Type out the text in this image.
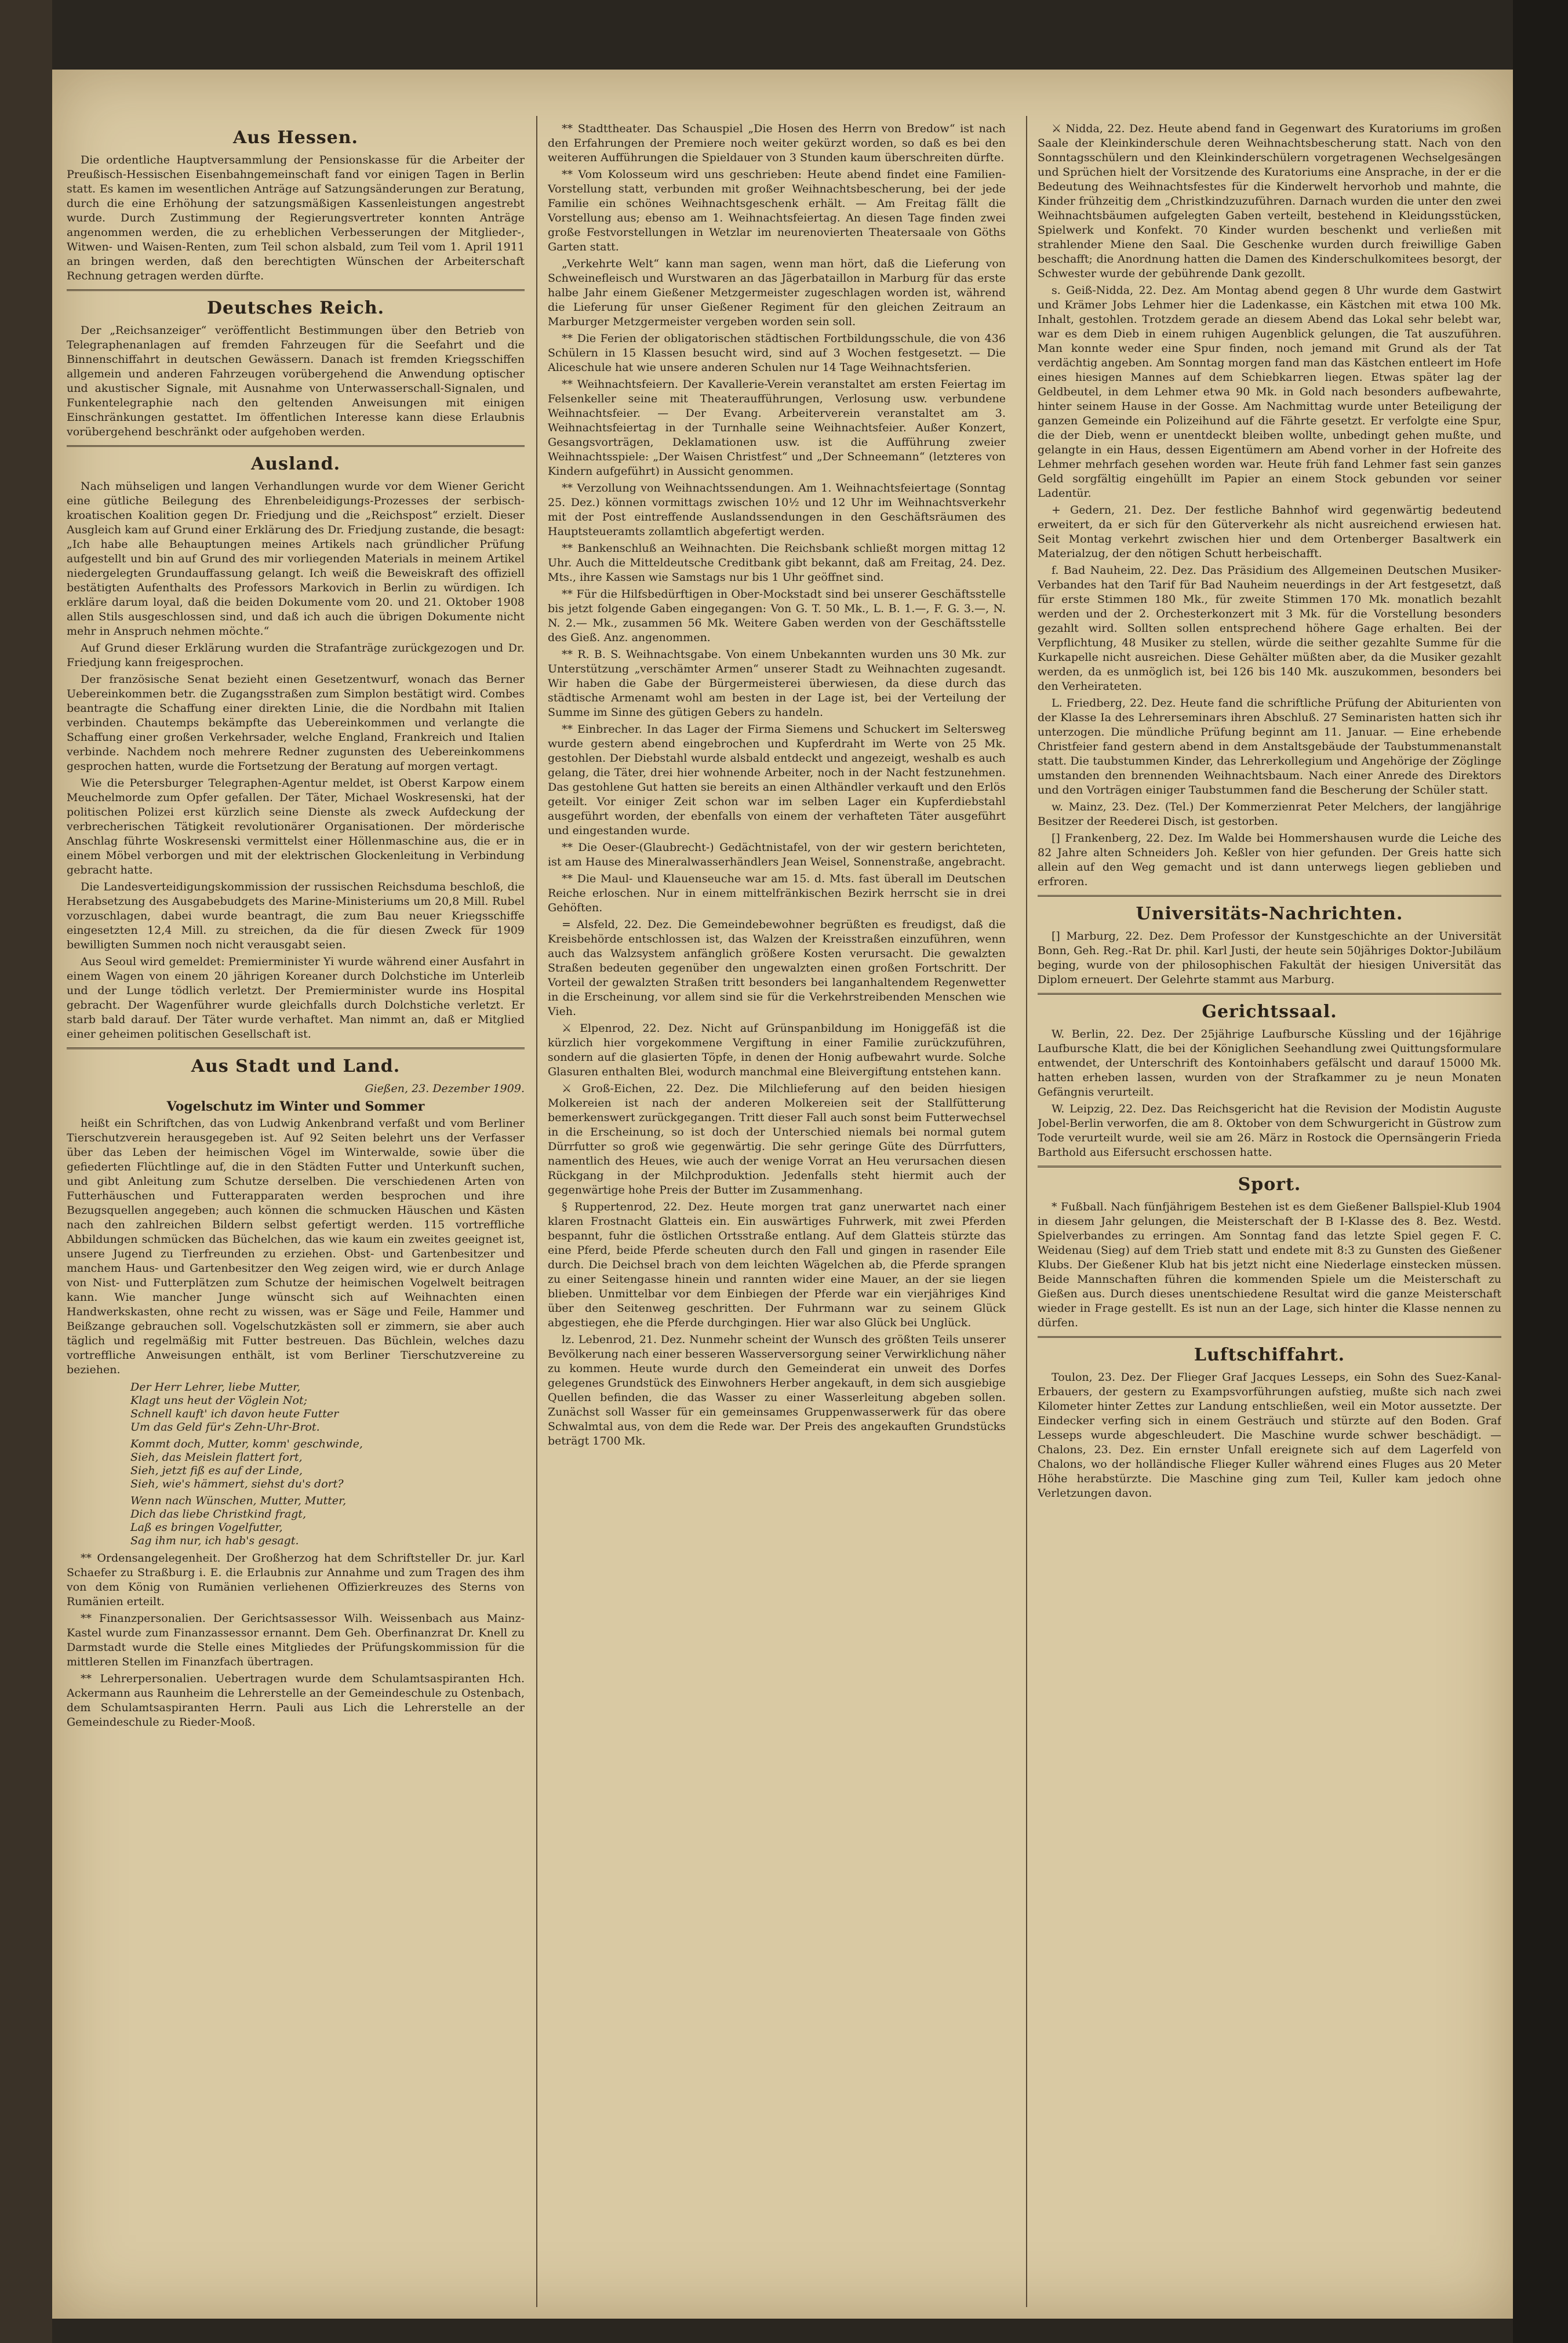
Aus Hessen.

Die ordentliche Hauptversammlung der Pensionskasse für die Arbeiter der Preußisch-Hessischen Eisenbahngemeinschaft fand vor einigen Tagen in Berlin statt. Es kamen im wesentlichen Anträge auf Satzungsänderungen zur Beratung, durch die eine Erhöhung der satzungsmäßigen Kassenleistungen angestrebt wurde. Durch Zustimmung der Regierungsvertreter konnten Anträge angenommen werden, die zu erheblichen Verbesserungen der Mitglieder-, Witwen- und Waisen-Renten, zum Teil schon alsbald, zum Teil vom 1. April 1911 an bringen werden, daß den berechtigten Wünschen der Arbeiterschaft Rechnung getragen werden dürfte.

Deutsches Reich.

Der „Reichsanzeiger“ veröffentlicht Bestimmungen über den Betrieb von Telegraphenanlagen auf fremden Fahrzeugen für die Seefahrt und die Binnenschiffahrt in deutschen Gewässern. Danach ist fremden Kriegsschiffen allgemein und anderen Fahrzeugen vorübergehend die Anwendung optischer und akustischer Signale, mit Ausnahme von Unterwasserschall-Signalen, und Funkentelegraphie nach den geltenden Anweisungen mit einigen Einschränkungen gestattet. Im öffentlichen Interesse kann diese Erlaubnis vorübergehend beschränkt oder aufgehoben werden.

Ausland.

Nach mühseligen und langen Verhandlungen wurde vor dem Wiener Gericht eine gütliche Beilegung des Ehrenbeleidigungs-Prozesses der serbisch-kroatischen Koalition gegen Dr. Friedjung und die „Reichspost“ erzielt. Dieser Ausgleich kam auf Grund einer Erklärung des Dr. Friedjung zustande, die besagt: „Ich habe alle Behauptungen meines Artikels nach gründlicher Prüfung aufgestellt und bin auf Grund des mir vorliegenden Materials in meinem Artikel niedergelegten Grundauffassung gelangt. Ich weiß die Beweiskraft des offiziell bestätigten Aufenthalts des Professors Markovich in Berlin zu würdigen. Ich erkläre darum loyal, daß die beiden Dokumente vom 20. und 21. Oktober 1908 allen Stils ausgeschlossen sind, und daß ich auch die übrigen Dokumente nicht mehr in Anspruch nehmen möchte.“

Auf Grund dieser Erklärung wurden die Strafanträge zurückgezogen und Dr. Friedjung kann freigesprochen.

Der französische Senat bezieht einen Gesetzentwurf, wonach das Berner Uebereinkommen betr. die Zugangsstraßen zum Simplon bestätigt wird. Combes beantragte die Schaffung einer direkten Linie, die die Nordbahn mit Italien verbinden. Chautemps bekämpfte das Uebereinkommen und verlangte die Schaffung einer großen Verkehrsader, welche England, Frankreich und Italien verbinde. Nachdem noch mehrere Redner zugunsten des Uebereinkommens gesprochen hatten, wurde die Fortsetzung der Beratung auf morgen vertagt.

Wie die Petersburger Telegraphen-Agentur meldet, ist Oberst Karpow einem Meuchelmorde zum Opfer gefallen. Der Täter, Michael Woskresenski, hat der politischen Polizei erst kürzlich seine Dienste als zweck Aufdeckung der verbrecherischen Tätigkeit revolutionärer Organisationen. Der mörderische Anschlag führte Woskresenski vermittelst einer Höllenmaschine aus, die er in einem Möbel verborgen und mit der elektrischen Glockenleitung in Verbindung gebracht hatte.

Die Landesverteidigungskommission der russischen Reichsduma beschloß, die Herabsetzung des Ausgabebudgets des Marine-Ministeriums um 20,8 Mill. Rubel vorzuschlagen, dabei wurde beantragt, die zum Bau neuer Kriegsschiffe eingesetzten 12,4 Mill. zu streichen, da die für diesen Zweck für 1909 bewilligten Summen noch nicht verausgabt seien.

Aus Seoul wird gemeldet: Premierminister Yi wurde während einer Ausfahrt in einem Wagen von einem 20 jährigen Koreaner durch Dolchstiche im Unterleib und der Lunge tödlich verletzt. Der Premierminister wurde ins Hospital gebracht. Der Wagenführer wurde gleichfalls durch Dolchstiche verletzt. Er starb bald darauf. Der Täter wurde verhaftet. Man nimmt an, daß er Mitglied einer geheimen politischen Gesellschaft ist.

Aus Stadt und Land.
Gießen, 23. Dezember 1909.
Vogelschutz im Winter und Sommer

heißt ein Schriftchen, das von Ludwig Ankenbrand verfaßt und vom Berliner Tierschutzverein herausgegeben ist. Auf 92 Seiten belehrt uns der Verfasser über das Leben der heimischen Vögel im Winterwalde, sowie über die gefiederten Flüchtlinge auf, die in den Städten Futter und Unterkunft suchen, und gibt Anleitung zum Schutze derselben. Die verschiedenen Arten von Futterhäuschen und Futterapparaten werden besprochen und ihre Bezugsquellen angegeben; auch können die schmucken Häuschen und Kästen nach den zahlreichen Bildern selbst gefertigt werden. 115 vortreffliche Abbildungen schmücken das Büchelchen, das wie kaum ein zweites geeignet ist, unsere Jugend zu Tierfreunden zu erziehen. Obst- und Gartenbesitzer und manchem Haus- und Gartenbesitzer den Weg zeigen wird, wie er durch Anlage von Nist- und Futterplätzen zum Schutze der heimischen Vogelwelt beitragen kann. Wie mancher Junge wünscht sich auf Weihnachten einen Handwerkskasten, ohne recht zu wissen, was er Säge und Feile, Hammer und Beißzange gebrauchen soll. Vogelschutzkästen soll er zimmern, sie aber auch täglich und regelmäßig mit Futter bestreuen. Das Büchlein, welches dazu vortreffliche Anweisungen enthält, ist vom Berliner Tierschutzvereine zu beziehen.

Der Herr Lehrer, liebe Mutter,
Klagt uns heut der Vöglein Not;
Schnell kauft' ich davon heute Futter
Um das Geld für's Zehn-Uhr-Brot.
Kommt doch, Mutter, komm' geschwinde,
Sieh, das Meislein flattert fort,
Sieh, jetzt fiß es auf der Linde,
Sieh, wie's hämmert, siehst du's dort?
Wenn nach Wünschen, Mutter, Mutter,
Dich das liebe Christkind fragt,
Laß es bringen Vogelfutter,
Sag ihm nur, ich hab's gesagt.

** Ordensangelegenheit. Der Großherzog hat dem Schriftsteller Dr. jur. Karl Schaefer zu Straßburg i. E. die Erlaubnis zur Annahme und zum Tragen des ihm von dem König von Rumänien verliehenen Offizierkreuzes des Sterns von Rumänien erteilt.

** Finanzpersonalien. Der Gerichtsassessor Wilh. Weissenbach aus Mainz-Kastel wurde zum Finanzassessor ernannt. Dem Geh. Oberfinanzrat Dr. Knell zu Darmstadt wurde die Stelle eines Mitgliedes der Prüfungskommission für die mittleren Stellen im Finanzfach übertragen.

** Lehrerpersonalien. Uebertragen wurde dem Schulamtsaspiranten Hch. Ackermann aus Raunheim die Lehrerstelle an der Gemeindeschule zu Ostenbach, dem Schulamtsaspiranten Herrn. Pauli aus Lich die Lehrerstelle an der Gemeindeschule zu Rieder-Mooß.

** Stadttheater. Das Schauspiel „Die Hosen des Herrn von Bredow“ ist nach den Erfahrungen der Premiere noch weiter gekürzt worden, so daß es bei den weiteren Aufführungen die Spieldauer von 3 Stunden kaum überschreiten dürfte.

** Vom Kolosseum wird uns geschrieben: Heute abend findet eine Familien-Vorstellung statt, verbunden mit großer Weihnachtsbescherung, bei der jede Familie ein schönes Weihnachtsgeschenk erhält. — Am Freitag fällt die Vorstellung aus; ebenso am 1. Weihnachtsfeiertag. An diesen Tage finden zwei große Festvorstellungen in Wetzlar im neurenovierten Theatersaale von Göths Garten statt.

„Verkehrte Welt“ kann man sagen, wenn man hört, daß die Lieferung von Schweinefleisch und Wurstwaren an das Jägerbataillon in Marburg für das erste halbe Jahr einem Gießener Metzgermeister zugeschlagen worden ist, während die Lieferung für unser Gießener Regiment für den gleichen Zeitraum an Marburger Metzgermeister vergeben worden sein soll.

** Die Ferien der obligatorischen städtischen Fortbildungsschule, die von 436 Schülern in 15 Klassen besucht wird, sind auf 3 Wochen festgesetzt. — Die Aliceschule hat wie unsere anderen Schulen nur 14 Tage Weihnachtsferien.

** Weihnachtsfeiern. Der Kavallerie-Verein veranstaltet am ersten Feiertag im Felsenkeller seine mit Theateraufführungen, Verlosung usw. verbundene Weihnachtsfeier. — Der Evang. Arbeiterverein veranstaltet am 3. Weihnachtsfeiertag in der Turnhalle seine Weihnachtsfeier. Außer Konzert, Gesangsvorträgen, Deklamationen usw. ist die Aufführung zweier Weihnachtsspiele: „Der Waisen Christfest“ und „Der Schneemann“ (letzteres von Kindern aufgeführt) in Aussicht genommen.

** Verzollung von Weihnachtssendungen. Am 1. Weihnachtsfeiertage (Sonntag 25. Dez.) können vormittags zwischen 10½ und 12 Uhr im Weihnachtsverkehr mit der Post eintreffende Auslandssendungen in den Geschäftsräumen des Hauptsteueramts zollamtlich abgefertigt werden.

** Bankenschluß an Weihnachten. Die Reichsbank schließt morgen mittag 12 Uhr. Auch die Mitteldeutsche Creditbank gibt bekannt, daß am Freitag, 24. Dez. Mts., ihre Kassen wie Samstags nur bis 1 Uhr geöffnet sind.

** Für die Hilfsbedürftigen in Ober-Mockstadt sind bei unserer Geschäftsstelle bis jetzt folgende Gaben eingegangen: Von G. T. 50 Mk., L. B. 1.—, F. G. 3.—, N. N. 2.— Mk., zusammen 56 Mk. Weitere Gaben werden von der Geschäftsstelle des Gieß. Anz. angenommen.

** R. B. S. Weihnachtsgabe. Von einem Unbekannten wurden uns 30 Mk. zur Unterstützung „verschämter Armen“ unserer Stadt zu Weihnachten zugesandt. Wir haben die Gabe der Bürgermeisterei überwiesen, da diese durch das städtische Armenamt wohl am besten in der Lage ist, bei der Verteilung der Summe im Sinne des gütigen Gebers zu handeln.

** Einbrecher. In das Lager der Firma Siemens und Schuckert im Seltersweg wurde gestern abend eingebrochen und Kupferdraht im Werte von 25 Mk. gestohlen. Der Diebstahl wurde alsbald entdeckt und angezeigt, weshalb es auch gelang, die Täter, drei hier wohnende Arbeiter, noch in der Nacht festzunehmen. Das gestohlene Gut hatten sie bereits an einen Althändler verkauft und den Erlös geteilt. Vor einiger Zeit schon war im selben Lager ein Kupferdiebstahl ausgeführt worden, der ebenfalls von einem der verhafteten Täter ausgeführt und eingestanden wurde.

** Die Oeser-(Glaubrecht-) Gedächtnistafel, von der wir gestern berichteten, ist am Hause des Mineralwasserhändlers Jean Weisel, Sonnenstraße, angebracht.

** Die Maul- und Klauenseuche war am 15. d. Mts. fast überall im Deutschen Reiche erloschen. Nur in einem mittelfränkischen Bezirk herrscht sie in drei Gehöften.

= Alsfeld, 22. Dez. Die Gemeindebewohner begrüßten es freudigst, daß die Kreisbehörde entschlossen ist, das Walzen der Kreisstraßen einzuführen, wenn auch das Walzsystem anfänglich größere Kosten verursacht. Die gewalzten Straßen bedeuten gegenüber den ungewalzten einen großen Fortschritt. Der Vorteil der gewalzten Straßen tritt besonders bei langanhaltendem Regenwetter in die Erscheinung, vor allem sind sie für die Verkehrstreibenden Menschen wie Vieh.

⚔ Elpenrod, 22. Dez. Nicht auf Grünspanbildung im Honiggefäß ist die kürzlich hier vorgekommene Vergiftung in einer Familie zurückzuführen, sondern auf die glasierten Töpfe, in denen der Honig aufbewahrt wurde. Solche Glasuren enthalten Blei, wodurch manchmal eine Bleivergiftung entstehen kann.

⚔ Groß-Eichen, 22. Dez. Die Milchlieferung auf den beiden hiesigen Molkereien ist nach der anderen Molkereien seit der Stallfütterung bemerkenswert zurückgegangen. Tritt dieser Fall auch sonst beim Futterwechsel in die Erscheinung, so ist doch der Unterschied niemals bei normal gutem Dürrfutter so groß wie gegenwärtig. Die sehr geringe Güte des Dürrfutters, namentlich des Heues, wie auch der wenige Vorrat an Heu verursachen diesen Rückgang in der Milchproduktion. Jedenfalls steht hiermit auch der gegenwärtige hohe Preis der Butter im Zusammenhang.

§ Ruppertenrod, 22. Dez. Heute morgen trat ganz unerwartet nach einer klaren Frostnacht Glatteis ein. Ein auswärtiges Fuhrwerk, mit zwei Pferden bespannt, fuhr die östlichen Ortsstraße entlang. Auf dem Glatteis stürzte das eine Pferd, beide Pferde scheuten durch den Fall und gingen in rasender Eile durch. Die Deichsel brach von dem leichten Wägelchen ab, die Pferde sprangen zu einer Seitengasse hinein und rannten wider eine Mauer, an der sie liegen blieben. Unmittelbar vor dem Einbiegen der Pferde war ein vierjähriges Kind über den Seitenweg geschritten. Der Fuhrmann war zu seinem Glück abgestiegen, ehe die Pferde durchgingen. Hier war also Glück bei Unglück.

lz. Lebenrod, 21. Dez. Nunmehr scheint der Wunsch des größten Teils unserer Bevölkerung nach einer besseren Wasserversorgung seiner Verwirklichung näher zu kommen. Heute wurde durch den Gemeinderat ein unweit des Dorfes gelegenes Grundstück des Einwohners Herber angekauft, in dem sich ausgiebige Quellen befinden, die das Wasser zu einer Wasserleitung abgeben sollen. Zunächst soll Wasser für ein gemeinsames Gruppenwasserwerk für das obere Schwalmtal aus, von dem die Rede war. Der Preis des angekauften Grundstücks beträgt 1700 Mk.

⚔ Nidda, 22. Dez. Heute abend fand in Gegenwart des Kuratoriums im großen Saale der Kleinkinderschule deren Weihnachtsbescherung statt. Nach von den Sonntagsschülern und den Kleinkinderschülern vorgetragenen Wechselgesängen und Sprüchen hielt der Vorsitzende des Kuratoriums eine Ansprache, in der er die Bedeutung des Weihnachtsfestes für die Kinderwelt hervorhob und mahnte, die Kinder frühzeitig dem „Christkindzuzuführen. Darnach wurden die unter den zwei Weihnachtsbäumen aufgelegten Gaben verteilt, bestehend in Kleidungsstücken, Spielwerk und Konfekt. 70 Kinder wurden beschenkt und verließen mit strahlender Miene den Saal. Die Geschenke wurden durch freiwillige Gaben beschafft; die Anordnung hatten die Damen des Kinderschulkomitees besorgt, der Schwester wurde der gebührende Dank gezollt.

s. Geiß-Nidda, 22. Dez. Am Montag abend gegen 8 Uhr wurde dem Gastwirt und Krämer Jobs Lehmer hier die Ladenkasse, ein Kästchen mit etwa 100 Mk. Inhalt, gestohlen. Trotzdem gerade an diesem Abend das Lokal sehr belebt war, war es dem Dieb in einem ruhigen Augenblick gelungen, die Tat auszuführen. Man konnte weder eine Spur finden, noch jemand mit Grund als der Tat verdächtig angeben. Am Sonntag morgen fand man das Kästchen entleert im Hofe eines hiesigen Mannes auf dem Schiebkarren liegen. Etwas später lag der Geldbeutel, in dem Lehmer etwa 90 Mk. in Gold nach besonders aufbewahrte, hinter seinem Hause in der Gosse. Am Nachmittag wurde unter Beteiligung der ganzen Gemeinde ein Polizeihund auf die Fährte gesetzt. Er verfolgte eine Spur, die der Dieb, wenn er unentdeckt bleiben wollte, unbedingt gehen mußte, und gelangte in ein Haus, dessen Eigentümern am Abend vorher in der Hofreite des Lehmer mehrfach gesehen worden war. Heute früh fand Lehmer fast sein ganzes Geld sorgfältig eingehüllt im Papier an einem Stock gebunden vor seiner Ladentür.

+ Gedern, 21. Dez. Der festliche Bahnhof wird gegenwärtig bedeutend erweitert, da er sich für den Güterverkehr als nicht ausreichend erwiesen hat. Seit Montag verkehrt zwischen hier und dem Ortenberger Basaltwerk ein Materialzug, der den nötigen Schutt herbeischafft.

f. Bad Nauheim, 22. Dez. Das Präsidium des Allgemeinen Deutschen Musiker-Verbandes hat den Tarif für Bad Nauheim neuerdings in der Art festgesetzt, daß für erste Stimmen 180 Mk., für zweite Stimmen 170 Mk. monatlich bezahlt werden und der 2. Orchesterkonzert mit 3 Mk. für die Vorstellung besonders gezahlt wird. Sollten sollen entsprechend höhere Gage erhalten. Bei der Verpflichtung, 48 Musiker zu stellen, würde die seither gezahlte Summe für die Kurkapelle nicht ausreichen. Diese Gehälter müßten aber, da die Musiker gezahlt werden, da es unmöglich ist, bei 126 bis 140 Mk. auszukommen, besonders bei den Verheirateten.

L. Friedberg, 22. Dez. Heute fand die schriftliche Prüfung der Abiturienten von der Klasse Ia des Lehrerseminars ihren Abschluß. 27 Seminaristen hatten sich ihr unterzogen. Die mündliche Prüfung beginnt am 11. Januar. — Eine erhebende Christfeier fand gestern abend in dem Anstaltsgebäude der Taubstummenanstalt statt. Die taubstummen Kinder, das Lehrerkollegium und Angehörige der Zöglinge umstanden den brennenden Weihnachtsbaum. Nach einer Anrede des Direktors und den Vorträgen einiger Taubstummen fand die Bescherung der Schüler statt.

w. Mainz, 23. Dez. (Tel.) Der Kommerzienrat Peter Melchers, der langjährige Besitzer der Reederei Disch, ist gestorben.

[] Frankenberg, 22. Dez. Im Walde bei Hommershausen wurde die Leiche des 82 Jahre alten Schneiders Joh. Keßler von hier gefunden. Der Greis hatte sich allein auf den Weg gemacht und ist dann unterwegs liegen geblieben und erfroren.

Universitäts-Nachrichten.

[] Marburg, 22. Dez. Dem Professor der Kunstgeschichte an der Universität Bonn, Geh. Reg.-Rat Dr. phil. Karl Justi, der heute sein 50jähriges Doktor-Jubiläum beging, wurde von der philosophischen Fakultät der hiesigen Universität das Diplom erneuert. Der Gelehrte stammt aus Marburg.

Gerichtssaal.

W. Berlin, 22. Dez. Der 25jährige Laufbursche Küssling und der 16jährige Laufbursche Klatt, die bei der Königlichen Seehandlung zwei Quittungsformulare entwendet, der Unterschrift des Kontoinhabers gefälscht und darauf 15000 Mk. hatten erheben lassen, wurden von der Strafkammer zu je neun Monaten Gefängnis verurteilt.

W. Leipzig, 22. Dez. Das Reichsgericht hat die Revision der Modistin Auguste Jobel-Berlin verworfen, die am 8. Oktober von dem Schwurgericht in Güstrow zum Tode verurteilt wurde, weil sie am 26. März in Rostock die Opernsängerin Frieda Barthold aus Eifersucht erschossen hatte.

Sport.

* Fußball. Nach fünfjährigem Bestehen ist es dem Gießener Ballspiel-Klub 1904 in diesem Jahr gelungen, die Meisterschaft der B I-Klasse des 8. Bez. Westd. Spielverbandes zu erringen. Am Sonntag fand das letzte Spiel gegen F. C. Weidenau (Sieg) auf dem Trieb statt und endete mit 8:3 zu Gunsten des Gießener Klubs. Der Gießener Klub hat bis jetzt nicht eine Niederlage einstecken müssen. Beide Mannschaften führen die kommenden Spiele um die Meisterschaft zu Gießen aus. Durch dieses unentschiedene Resultat wird die ganze Meisterschaft wieder in Frage gestellt. Es ist nun an der Lage, sich hinter die Klasse nennen zu dürfen.

Luftschiffahrt.

Toulon, 23. Dez. Der Flieger Graf Jacques Lesseps, ein Sohn des Suez-Kanal-Erbauers, der gestern zu Exampsvorführungen aufstieg, mußte sich nach zwei Kilometer hinter Zettes zur Landung entschließen, weil ein Motor aussetzte. Der Eindecker verfing sich in einem Gesträuch und stürzte auf den Boden. Graf Lesseps wurde abgeschleudert. Die Maschine wurde schwer beschädigt. — Chalons, 23. Dez. Ein ernster Unfall ereignete sich auf dem Lagerfeld von Chalons, wo der holländische Flieger Kuller während eines Fluges aus 20 Meter Höhe herabstürzte. Die Maschine ging zum Teil, Kuller kam jedoch ohne Verletzungen davon.
